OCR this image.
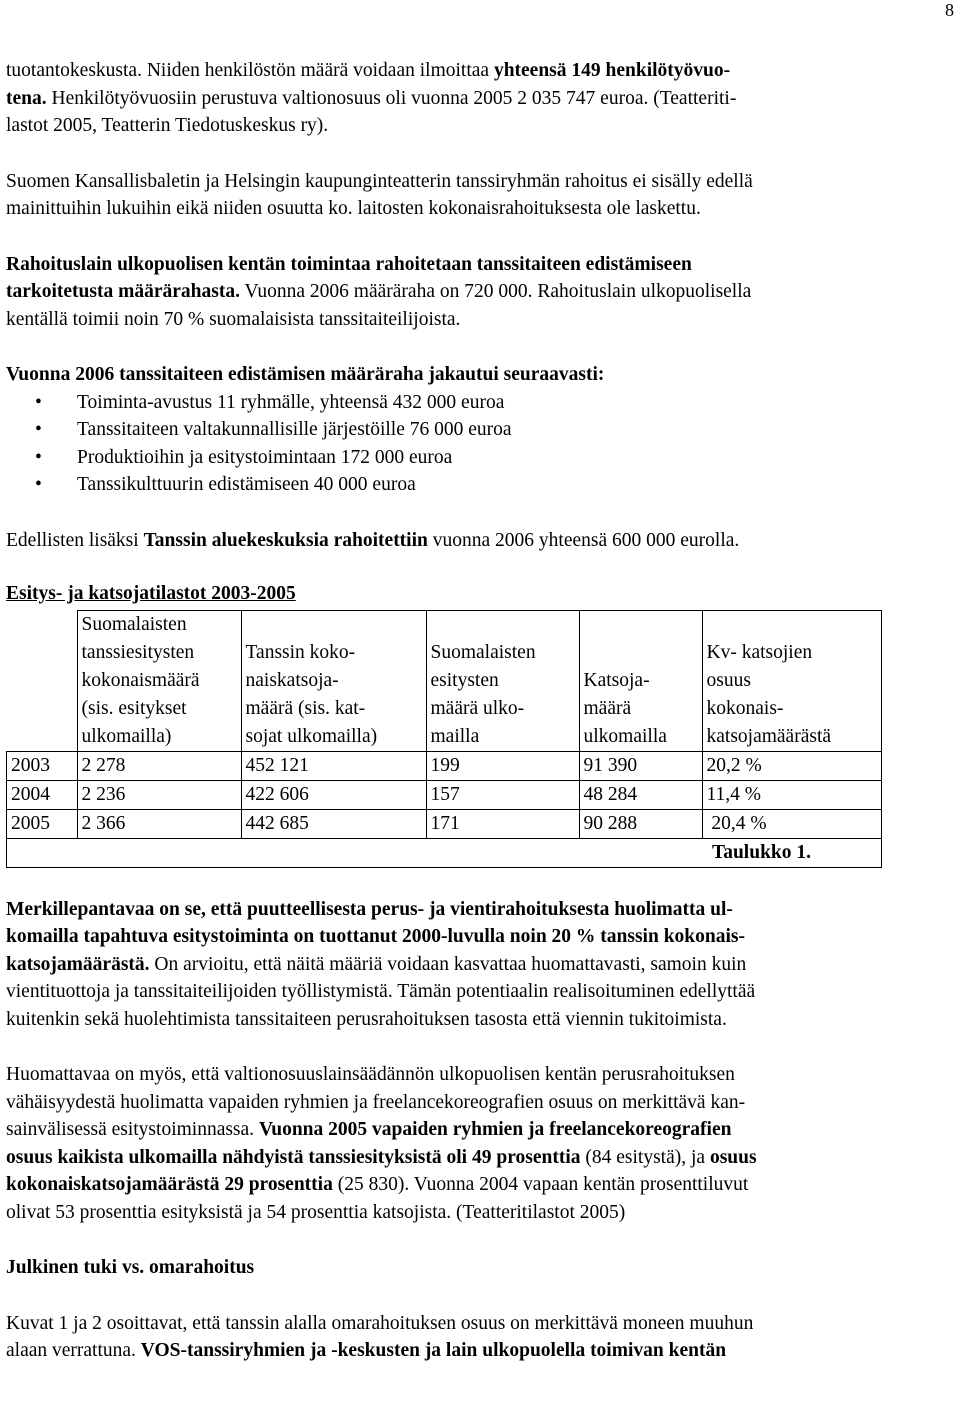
8

tuotantokeskusta. Niiden henkilöstön määrä voidaan ilmoittaa yhteensä 149 henkilötyövuo-
tena. Henkilötyövuosiin perustuva valtionosuus oli vuonna 2005 2 035 747 euroa. (Teatteriti-
lastot 2005, Teatterin Tiedotuskeskus ry).

Suomen Kansallisbaletin ja Helsingin kaupunginteatterin tanssiryhmän rahoitus ei sisälly edellä
mainittuihin lukuihin eikä niiden osuutta ko. laitosten kokonaisrahoituksesta ole laskettu.

Rahoituslain ulkopuolisen kentän toimintaa rahoitetaan tanssitaiteen edistämiseen
tarkoitetusta määrärahasta. Vuonna 2006 määräraha on 720 000. Rahoituslain ulkopuolisella
kentällä toimii noin 70 % suomalaisista tanssitaiteilijoista.

Vuonna 2006 tanssitaiteen edistämisen määräraha jakautui seuraavasti:

• Toiminta-avustus 11 ryhmälle, yhteensä 432 000 euroa
• Tanssitaiteen valtakunnallisille järjestöille 76 000 euroa
• Produktioihin ja esitystoimintaan 172 000 euroa
• Tanssikulttuurin edistämiseen 40 000 euroa

Edellisten lisäksi Tanssin aluekeskuksia rahoitettiin vuonna 2006 yhteensä 600 000 eurolla.

Esitys- ja katsojatilastot 2003-2005

	Suomalaisten
tanssiesitysten
kokonaismäärä
(sis. esitykset
ulkomailla)	Tanssin koko-
naiskatsoja-
määrä (sis. kat-
sojat ulkomailla)	Suomalaisten
esitysten
määrä ulko-
mailla	Katsoja-
määrä
ulkomailla	Kv- katsojien
osuus
kokonais-
katsojamäärästä
2003	2 278	452 121	199	91 390	20,2 %
2004	2 236	422 606	157	48 284	11,4 %
2005	2 366	442 685	171	90 288	20,4 %
					Taulukko 1.

Merkillepantavaa on se, että puutteellisesta perus- ja vientirahoituksesta huolimatta ul-
komailla tapahtuva esitystoiminta on tuottanut 2000-luvulla noin 20 % tanssin kokonais-
katsojamäärästä. On arvioitu, että näitä määriä voidaan kasvattaa huomattavasti, samoin kuin
vientituottoja ja tanssitaiteilijoiden työllistymistä. Tämän potentiaalin realisoituminen edellyttää
kuitenkin sekä huolehtimista tanssitaiteen perusrahoituksen tasosta että viennin tukitoimista.

Huomattavaa on myös, että valtionosuuslainsäädännön ulkopuolisen kentän perusrahoituksen
vähäisyydestä huolimatta vapaiden ryhmien ja freelancekoreografien osuus on merkittävä kan-
sainvälisessä esitystoiminnassa. Vuonna 2005 vapaiden ryhmien ja freelancekoreografien
osuus kaikista ulkomailla nähdyistä tanssiesityksistä oli 49 prosenttia (84 esitystä), ja osuus
kokonaiskatsojamäärästä 29 prosenttia (25 830). Vuonna 2004 vapaan kentän prosenttiluvut
olivat 53 prosenttia esityksistä ja 54 prosenttia katsojista. (Teatteritilastot 2005)

Julkinen tuki vs. omarahoitus

Kuvat 1 ja 2 osoittavat, että tanssin alalla omarahoituksen osuus on merkittävä moneen muuhun
alaan verrattuna. VOS-tanssiryhmien ja -keskusten ja lain ulkopuolella toimivan kentän
